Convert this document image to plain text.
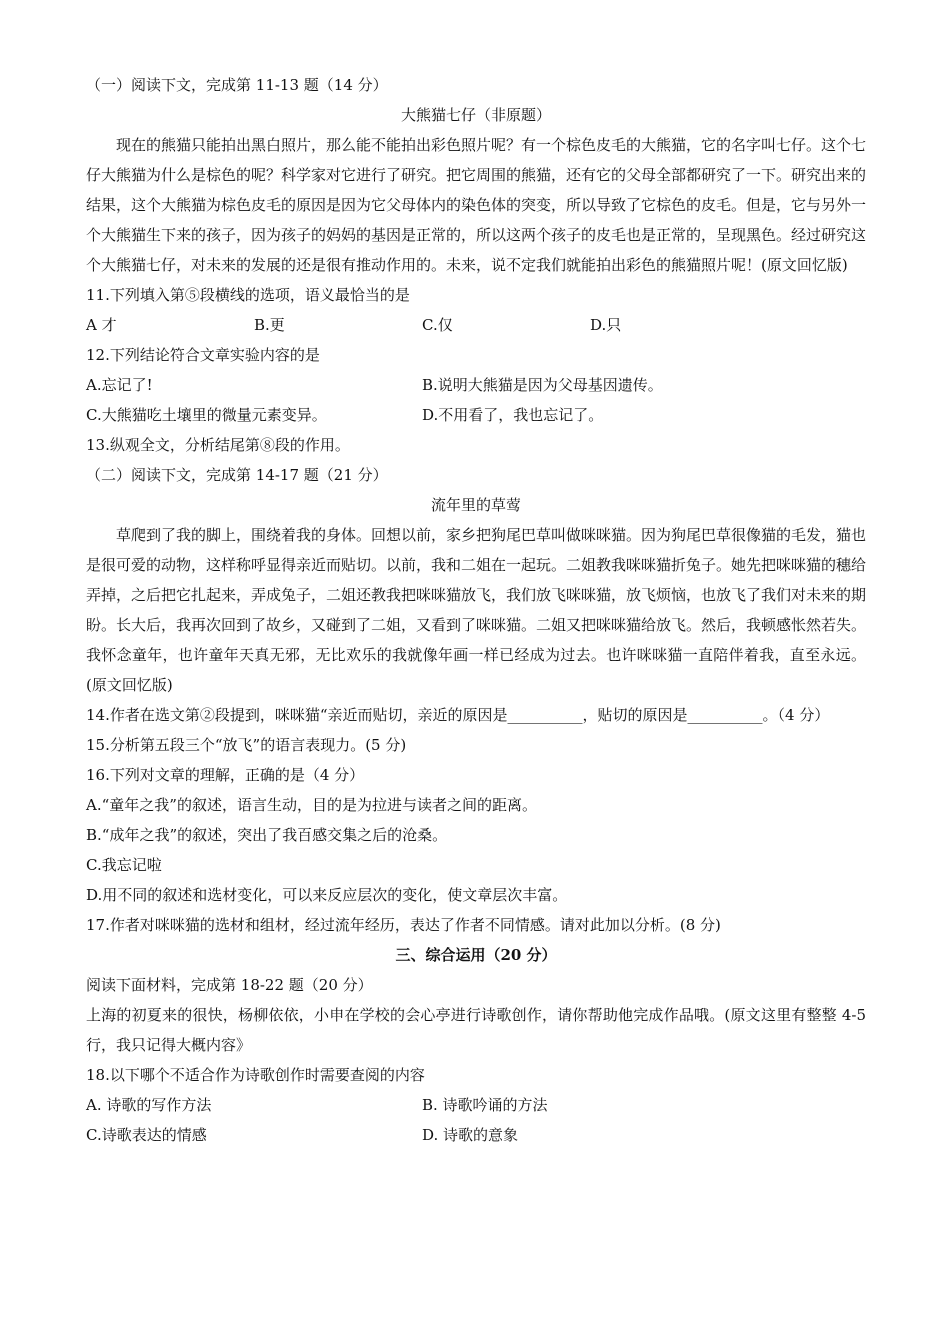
（一）阅读下文，完成第 11-13 题（14 分）

大熊猫七仔（非原题）

现在的熊猫只能拍出黑白照片，那么能不能拍出彩色照片呢？有一个棕色皮毛的大熊猫，它的名字叫七仔。这个七仔大熊猫为什么是棕色的呢？科学家对它进行了研究。把它周围的熊猫，还有它的父母全部都研究了一下。研究出来的结果，这个大熊猫为棕色皮毛的原因是因为它父母体内的染色体的突变，所以导致了它棕色的皮毛。但是，它与另外一个大熊猫生下来的孩子，因为孩子的妈妈的基因是正常的，所以这两个孩子的皮毛也是正常的，呈现黑色。经过研究这个大熊猫七仔，对未来的发展的还是很有推动作用的。未来，说不定我们就能拍出彩色的熊猫照片呢！(原文回忆版)

11.下列填入第⑤段横线的选项，语义最恰当的是

A 才	B.更	C.仅	D.只

12.下列结论符合文章实验内容的是

A.忘记了!	B.说明大熊猫是因为父母基因遗传。
C.大熊猫吃土壤里的微量元素变异。	D.不用看了，我也忘记了。

13.纵观全文，分析结尾第⑧段的作用。

（二）阅读下文，完成第 14-17 题（21 分）

流年里的草莺

草爬到了我的脚上，围绕着我的身体。回想以前，家乡把狗尾巴草叫做咪咪猫。因为狗尾巴草很像猫的毛发，猫也是很可爱的动物，这样称呼显得亲近而贴切。以前，我和二姐在一起玩。二姐教我咪咪猫折兔子。她先把咪咪猫的穗给弄掉，之后把它扎起来，弄成兔子，二姐还教我把咪咪猫放飞，我们放飞咪咪猫，放飞烦恼，也放飞了我们对未来的期盼。长大后，我再次回到了故乡，又碰到了二姐，又看到了咪咪猫。二姐又把咪咪猫给放飞。然后，我顿感怅然若失。我怀念童年，也许童年天真无邪，无比欢乐的我就像年画一样已经成为过去。也许咪咪猫一直陪伴着我，直至永远。(原文回忆版)

14.作者在选文第②段提到，咪咪猫“亲近而贴切，亲近的原因是__________，贴切的原因是__________。（4 分）

15.分析第五段三个“放飞”的语言表现力。(5 分)

16.下列对文章的理解，正确的是（4 分）

A.“童年之我”的叙述，语言生动，目的是为拉进与读者之间的距离。

B.“成年之我”的叙述，突出了我百感交集之后的沧桑。

C.我忘记啦

D.用不同的叙述和选材变化，可以来反应层次的变化，使文章层次丰富。

17.作者对咪咪猫的选材和组材，经过流年经历，表达了作者不同情感。请对此加以分析。(8 分)

三、综合运用（20 分）

阅读下面材料，完成第 18-22 题（20 分）

上海的初夏来的很快，杨柳依依，小申在学校的会心亭进行诗歌创作，请你帮助他完成作品哦。(原文这里有整整 4-5 行，我只记得大概内容》

18.以下哪个不适合作为诗歌创作时需要查阅的内容

A. 诗歌的写作方法	B. 诗歌吟诵的方法
C.诗歌表达的情感	D. 诗歌的意象
